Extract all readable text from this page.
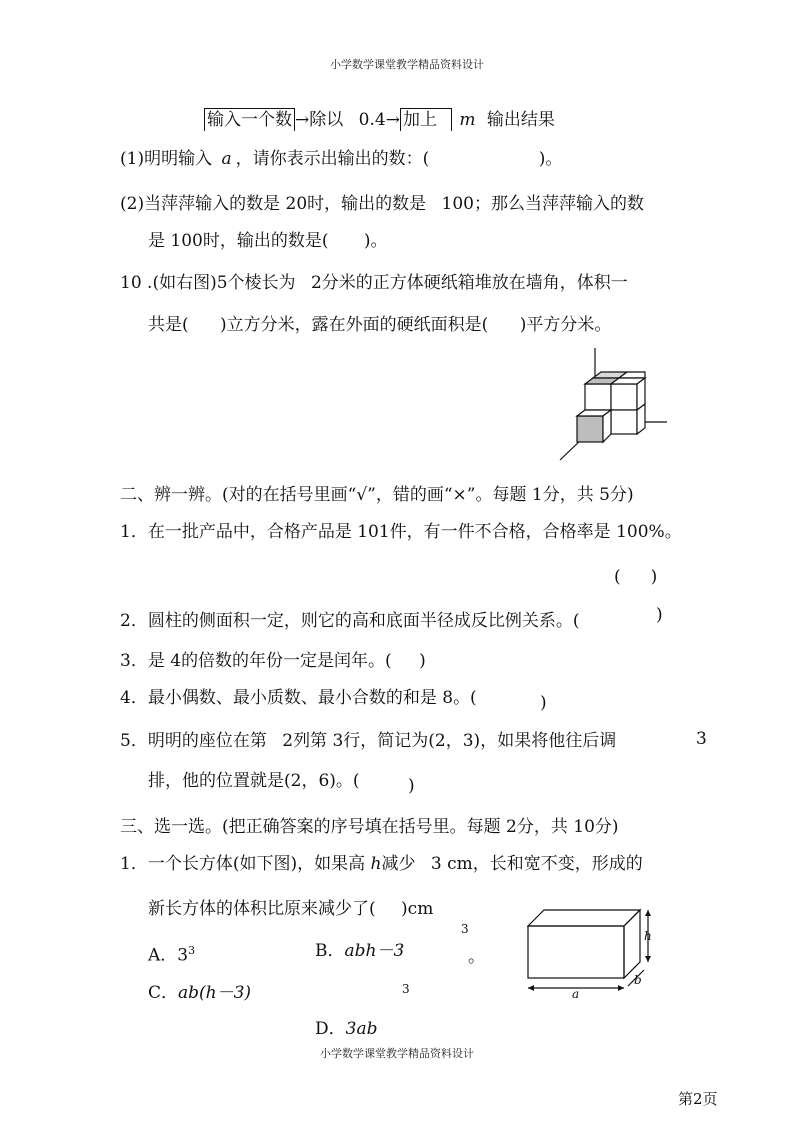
小学数学课堂教学精品资料设计
输入一个数 →除以 0.4→ 加上 m 输出结果
(1)明明输入 a ，请你表示出输出的数：(	)。
(2)当萍萍输入的数是 20时，输出的数是 100；那么当萍萍输入的数
是 100时，输出的数是( )。
10 .(如右图)5个棱长为 2分米的正方体硬纸箱堆放在墙角，体积一
共是( )立方分米，露在外面的硬纸面积是( )平方分米。
二、辨一辨。(对的在括号里画“√”，错的画“×”。每题 1分，共 5分)
1．在一批产品中，合格产品是 101件，有一件不合格，合格率是 100%。
( )
2．圆柱的侧面积一定，则它的高和底面半径成反比例关系。(	)
3．是 4的倍数的年份一定是闰年。( )
4．最小偶数、最小质数、最小合数的和是 8。(	)
5．明明的座位在第 2列第 3行，简记为(2，3)，如果将他往后调	3
排，他的位置就是(2，6)。(	)
三、选一选。(把正确答案的序号填在括号里。每题 2分，共 10分)
1．一个长方体(如下图)，如果高 h减少 3 cm，长和宽不变，形成的
新长方体的体积比原来减少了( )cm
3
。
A．$3^3$	B．abh－3
C．ab(h－3)	3
D．3ab
h
a
b
小学数学课堂教学精品资料设计
第2页
